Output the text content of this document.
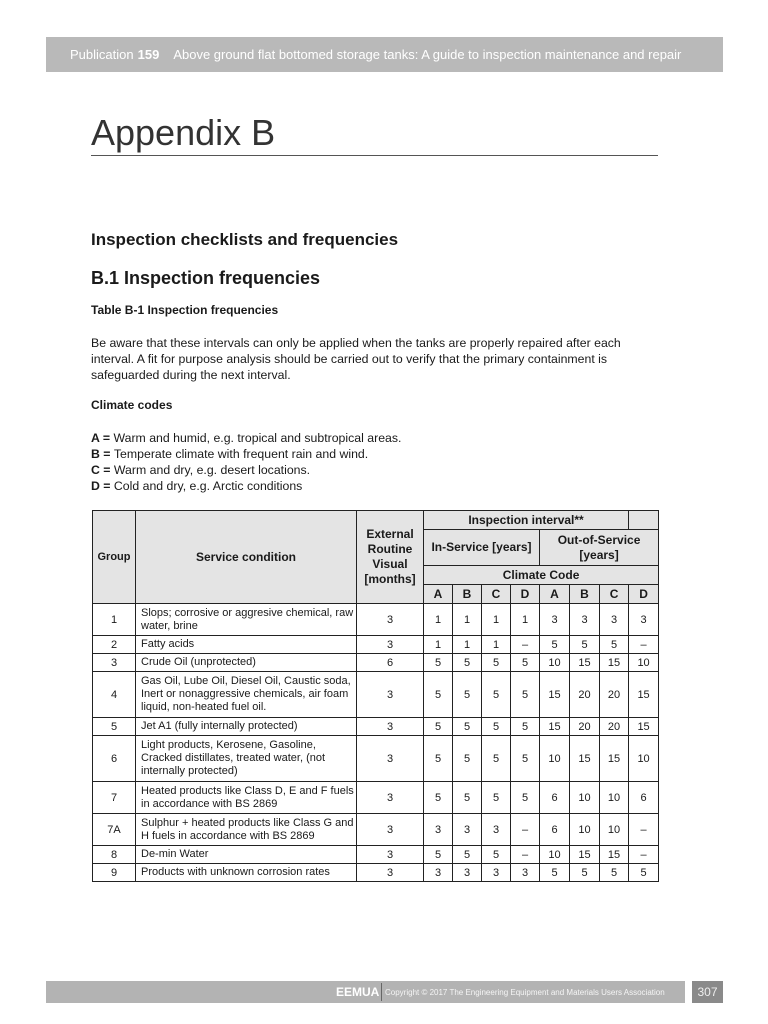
Publication 159 Above ground flat bottomed storage tanks: A guide to inspection maintenance and repair
Appendix B
Inspection checklists and frequencies
B.1 Inspection frequencies
Table B-1 Inspection frequencies

Be aware that these intervals can only be applied when the tanks are properly repaired after each interval. A fit for purpose analysis should be carried out to verify that the primary containment is safeguarded during the next interval.

Climate codes
A = Warm and humid, e.g. tropical and subtropical areas.
B = Temperate climate with frequent rain and wind.
C = Warm and dry, e.g. desert locations.
D = Cold and dry, e.g. Arctic conditions
Group	Service condition	External Routine Visual [months]	Inspection interval**							
			In-Service [years]				Out-of-Service [years]			
			Climate Code							
			A	B	C	D	A	B	C	D
1	Slops; corrosive or aggresive chemical, raw water, brine	3	1	1	1	1	3	3	3	3
2	Fatty acids	3	1	1	1	–	5	5	5	–
3	Crude Oil (unprotected)	6	5	5	5	5	10	15	15	10
4	Gas Oil, Lube Oil, Diesel Oil, Caustic soda, Inert or nonaggressive chemicals, air foam liquid, non-heated fuel oil.	3	5	5	5	5	15	20	20	15
5	Jet A1 (fully internally protected)	3	5	5	5	5	15	20	20	15
6	Light products, Kerosene, Gasoline, Cracked distillates, treated water, (not internally protected)	3	5	5	5	5	10	15	15	10
7	Heated products like Class D, E and F fuels in accordance with BS 2869	3	5	5	5	5	6	10	10	6
7A	Sulphur + heated products like Class G and H fuels in accordance with BS 2869	3	3	3	3	–	6	10	10	–
8	De-min Water	3	5	5	5	–	10	15	15	–
9	Products with unknown corrosion rates	3	3	3	3	3	5	5	5	5
EEMUA Copyright © 2017 The Engineering Equipment and Materials Users Association	307
